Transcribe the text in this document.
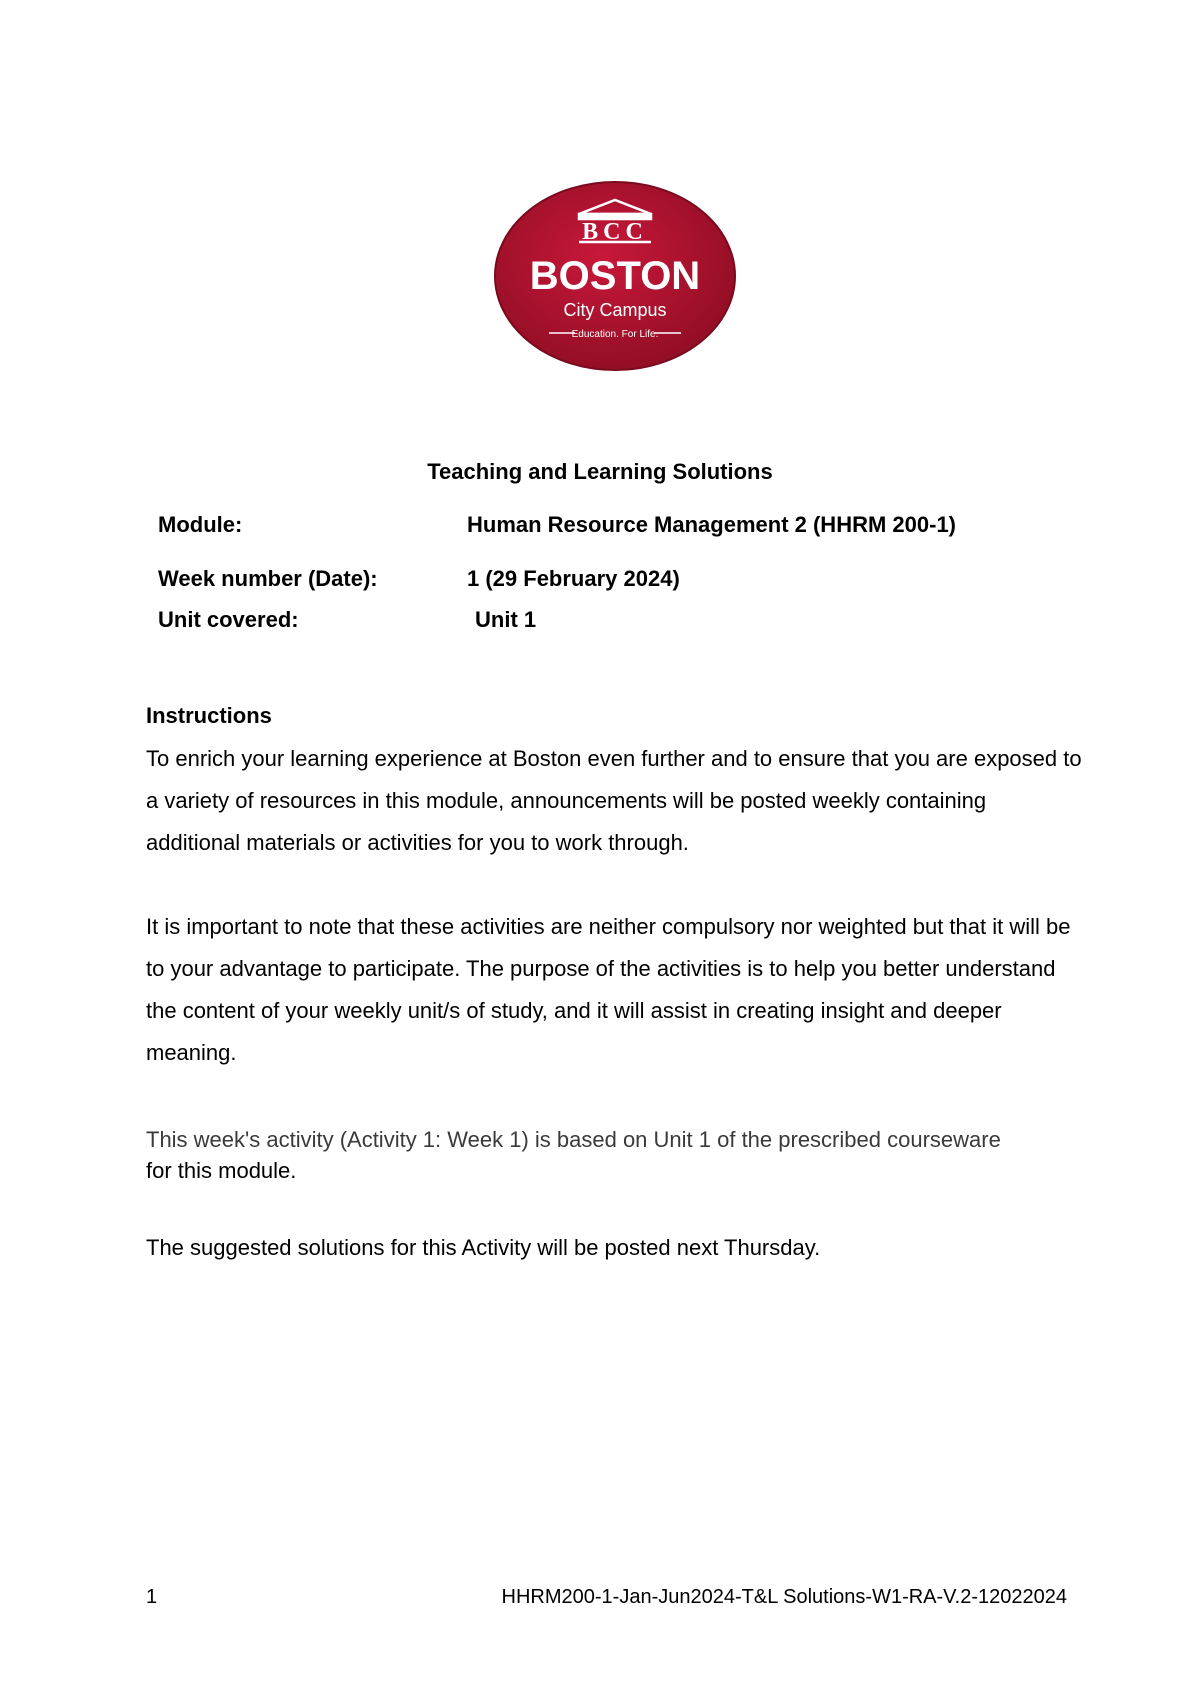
BCC
BOSTON
City Campus
Education. For Life.
Teaching and Learning Solutions
Module:	Human Resource Management 2 (HHRM 200-1)
Week number (Date):	1 (29 February 2024)
Unit covered:	Unit 1
Instructions

To enrich your learning experience at Boston even further and to ensure that you are exposed to a variety of resources in this module, announcements will be posted weekly containing additional materials or activities for you to work through.

It is important to note that these activities are neither compulsory nor weighted but that it will be to your advantage to participate. The purpose of the activities is to help you better understand the content of your weekly unit/s of study, and it will assist in creating insight and deeper meaning.

This week's activity (Activity 1: Week 1) is based on Unit 1 of the prescribed courseware
for this module.

The suggested solutions for this Activity will be posted next Thursday.

1	HHRM200-1-Jan-Jun2024-T&L Solutions-W1-RA-V.2-12022024
